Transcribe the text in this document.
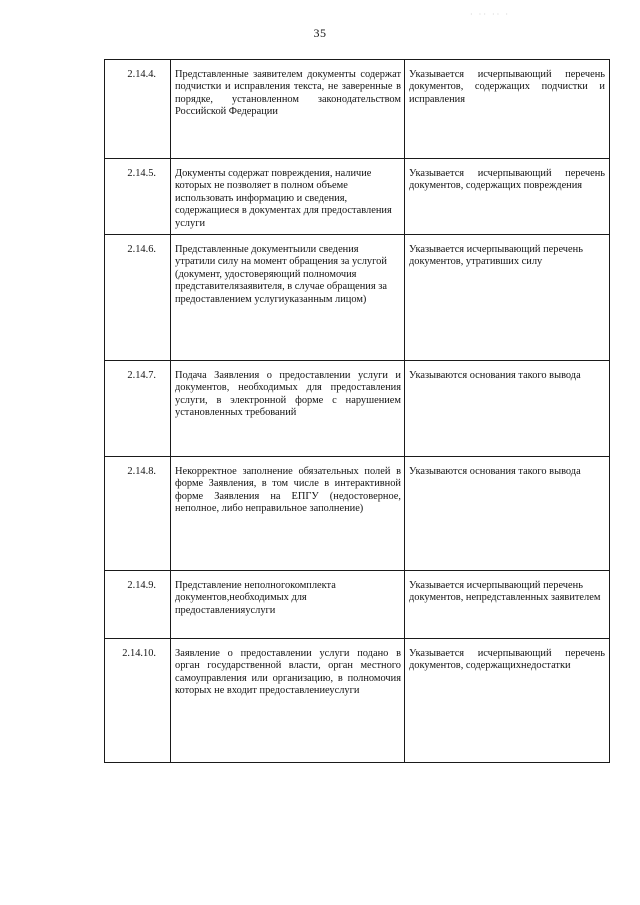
35
· ·· ·· ·
2.14.4.	Представленные заявителем документы содержат подчистки и исправления текста, не заверенные в порядке, установленном законодательством Российской Федерации	Указывается исчерпывающий перечень документов, содержащих подчистки и исправления
2.14.5.	Документы содержат повреждения, наличие которых не позволяет в полном объеме использовать информацию и сведения, содержащиеся в документах для предоставления услуги	Указывается исчерпывающий перечень документов, содержащих повреждения
2.14.6.	Представленные документыили сведения утратили силу на момент обращения за услугой (документ, удостоверяющий полномочия представителязаявителя, в случае обращения за предоставлением услугиуказанным лицом)	Указывается исчерпывающий перечень документов, утративших силу
2.14.7.	Подача Заявления о предоставлении услуги и документов, необходимых для предоставления услуги, в электронной форме с нарушением установленных требований	Указываются основания такого вывода
2.14.8.	Некорректное заполнение обязательных полей в форме Заявления, в том числе в интерактивной форме Заявления на ЕПГУ (недостоверное, неполное, либо неправильное заполнение)	Указываются основания такого вывода
2.14.9.	Представление неполногокомплекта документов,необходимых для предоставленияуслуги	Указывается исчерпывающий перечень документов, непредставленных заявителем
2.14.10.	Заявление о предоставлении услуги подано в орган государственной власти, орган местного самоуправления или организацию, в полномочия которых не входит предоставлениеуслуги	Указывается исчерпывающий перечень документов, содержащихнедостатки
